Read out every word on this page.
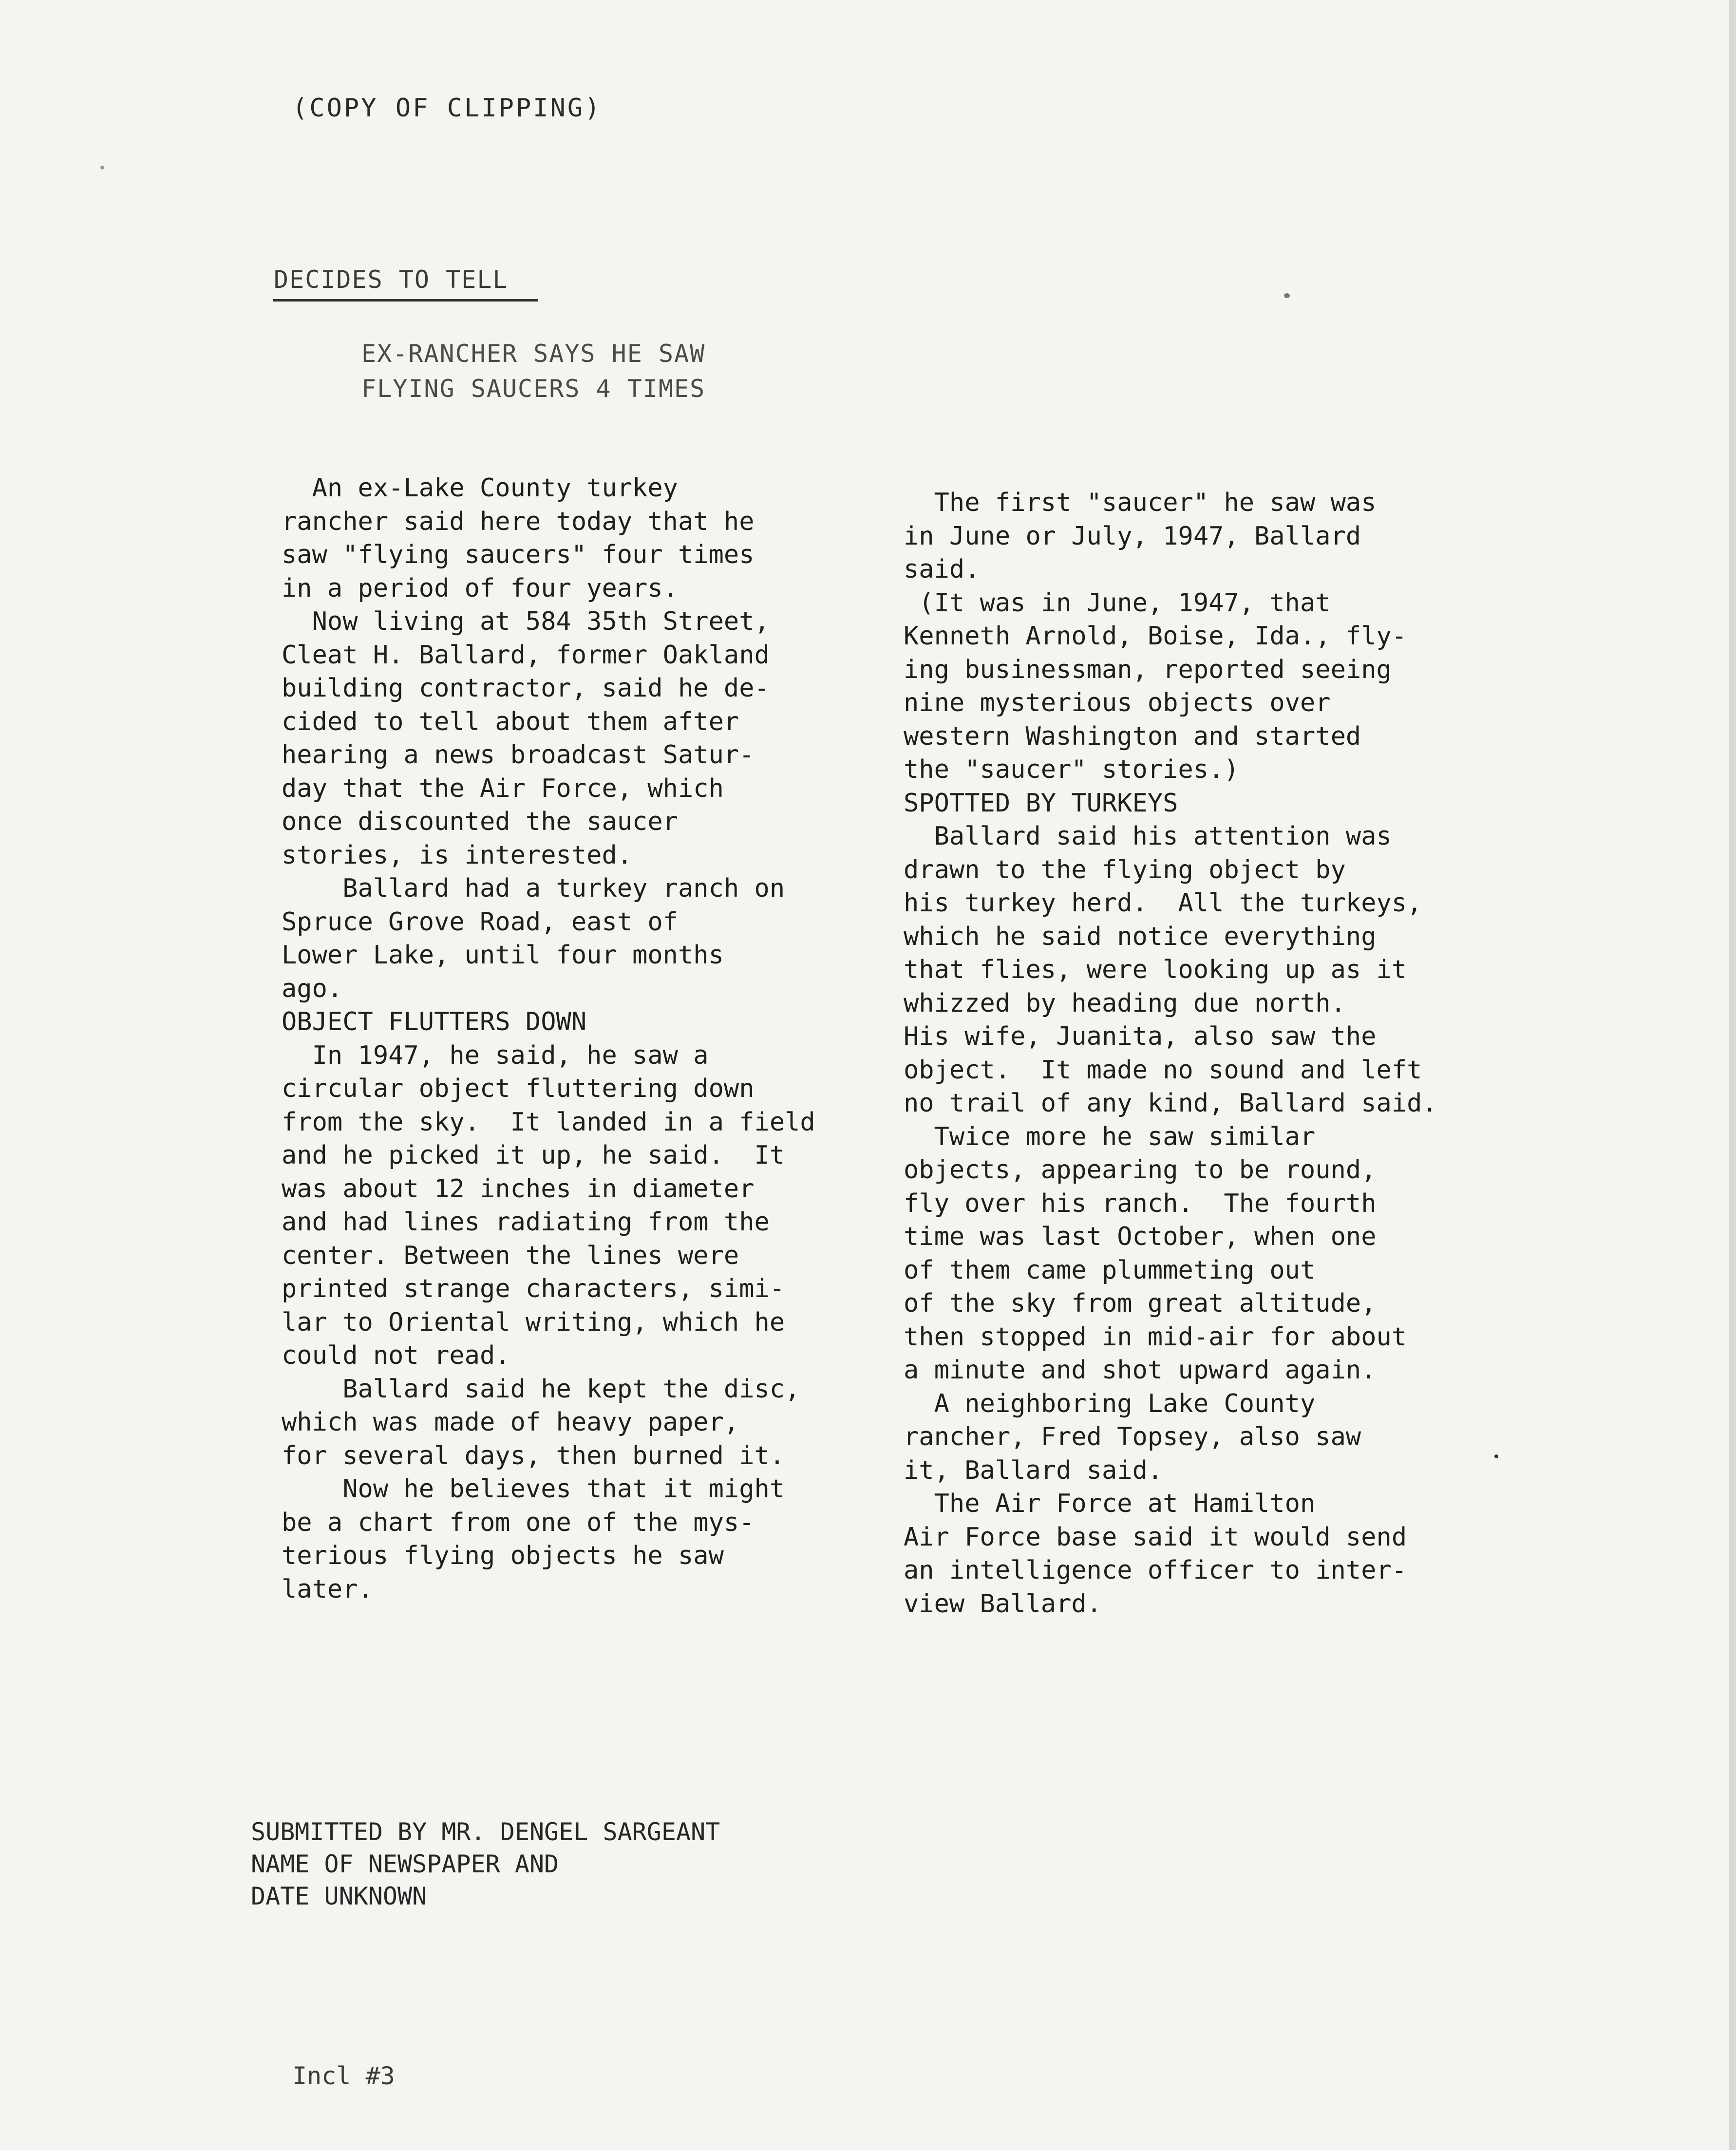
(COPY OF CLIPPING)
DECIDES TO TELL
EX-RANCHER SAYS HE SAW
FLYING SAUCERS 4 TIMES
An ex-Lake County turkey
rancher said here today that he
saw "flying saucers" four times
in a period of four years.
Now living at 584 35th Street,
Cleat H. Ballard, former Oakland
building contractor, said he de-
cided to tell about them after
hearing a news broadcast Satur-
day that the Air Force, which
once discounted the saucer
stories, is interested.
Ballard had a turkey ranch on
Spruce Grove Road, east of
Lower Lake, until four months
ago.
OBJECT FLUTTERS DOWN
In 1947, he said, he saw a
circular object fluttering down
from the sky.  It landed in a field
and he picked it up, he said.  It
was about 12 inches in diameter
and had lines radiating from the
center. Between the lines were
printed strange characters, simi-
lar to Oriental writing, which he
could not read.
Ballard said he kept the disc,
which was made of heavy paper,
for several days, then burned it.
Now he believes that it might
be a chart from one of the mys-
terious flying objects he saw
later.
The first "saucer" he saw was
in June or July, 1947, Ballard
said.
(It was in June, 1947, that
Kenneth Arnold, Boise, Ida., fly-
ing businessman, reported seeing
nine mysterious objects over
western Washington and started
the "saucer" stories.)
SPOTTED BY TURKEYS
Ballard said his attention was
drawn to the flying object by
his turkey herd.  All the turkeys,
which he said notice everything
that flies, were looking up as it
whizzed by heading due north.
His wife, Juanita, also saw the
object.  It made no sound and left
no trail of any kind, Ballard said.
Twice more he saw similar
objects, appearing to be round,
fly over his ranch.  The fourth
time was last October, when one
of them came plummeting out
of the sky from great altitude,
then stopped in mid-air for about
a minute and shot upward again.
A neighboring Lake County
rancher, Fred Topsey, also saw
it, Ballard said.
The Air Force at Hamilton
Air Force base said it would send
an intelligence officer to inter-
view Ballard.
SUBMITTED BY MR. DENGEL SARGEANT
NAME OF NEWSPAPER AND
DATE UNKNOWN
Incl #3
